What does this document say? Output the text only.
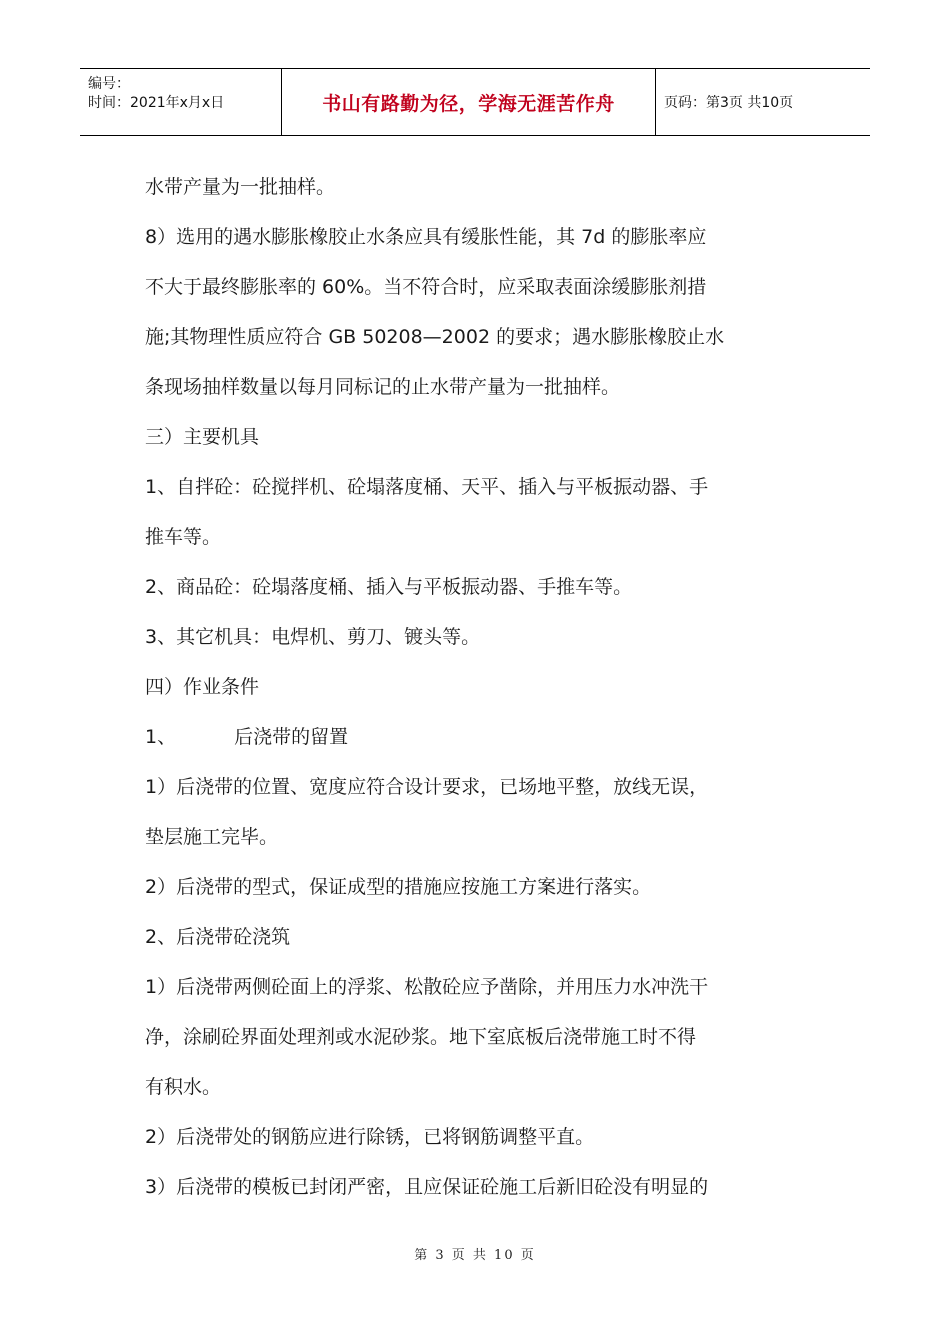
编号：
时间：2021年x月x日	书山有路勤为径，学海无涯苦作舟	页码：第3页 共10页
水带产量为一批抽样。
8）选用的遇水膨胀橡胶止水条应具有缓胀性能，其 7d 的膨胀率应
不大于最终膨胀率的 60%。当不符合时，应采取表面涂缓膨胀剂措
施;其物理性质应符合 GB 50208—2002 的要求；遇水膨胀橡胶止水
条现场抽样数量以每月同标记的止水带产量为一批抽样。
三）主要机具
1、自拌砼：砼搅拌机、砼塌落度桶、天平、插入与平板振动器、手
推车等。
2、商品砼：砼塌落度桶、插入与平板振动器、手推车等。
3、其它机具：电焊机、剪刀、镀头等。
四）作业条件
1、	后浇带的留置
1）后浇带的位置、宽度应符合设计要求，已场地平整，放线无误，
垫层施工完毕。
2）后浇带的型式，保证成型的措施应按施工方案进行落实。
2、后浇带砼浇筑
1）后浇带两侧砼面上的浮浆、松散砼应予凿除，并用压力水冲洗干
净，涂刷砼界面处理剂或水泥砂浆。地下室底板后浇带施工时不得
有积水。
2）后浇带处的钢筋应进行除锈，已将钢筋调整平直。
3）后浇带的模板已封闭严密，且应保证砼施工后新旧砼没有明显的
第 3 页 共 10 页
